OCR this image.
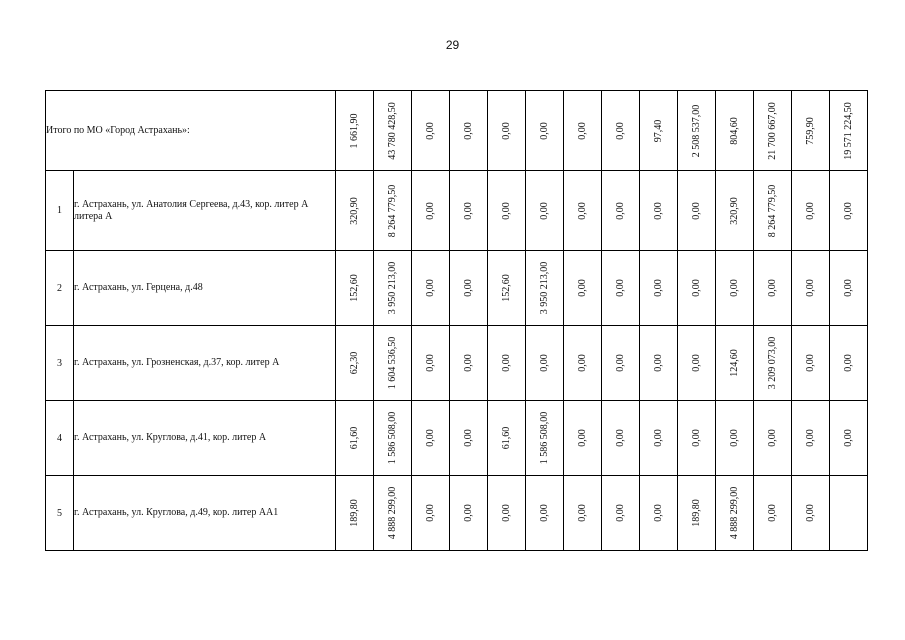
29
Итого по МО «Город Астрахань»:		1 661,90	43 780 428,50	0,00	0,00	0,00	0,00	0,00	0,00	97,40	2 508 537,00	804,60	21 700 667,00	759,90	19 571 224,50

1	г. Астрахань, ул. Анатолия Сергеева, д.43, кор. литер А литера А	320,90	8 264 779,50	0,00	0,00	0,00	0,00	0,00	0,00	0,00	0,00	320,90	8 264 779,50	0,00	0,00

2	г. Астрахань, ул. Герцена, д.48	152,60	3 950 213,00	0,00	0,00	152,60	3 950 213,00	0,00	0,00	0,00	0,00	0,00	0,00	0,00	0,00

3	г. Астрахань, ул. Грозненская, д.37, кор. литер А	62,30	1 604 536,50	0,00	0,00	0,00	0,00	0,00	0,00	0,00	0,00	124,60	3 209 073,00	0,00	0,00

4	г. Астрахань, ул. Круглова, д.41, кор. литер А	61,60	1 586 508,00	0,00	0,00	61,60	1 586 508,00	0,00	0,00	0,00	0,00	0,00	0,00	0,00	0,00

5	г. Астрахань, ул. Круглова, д.49, кор. литер АА1	189,80	4 888 299,00	0,00	0,00	0,00	0,00	0,00	0,00	0,00	189,80	4 888 299,00	0,00	0,00	
